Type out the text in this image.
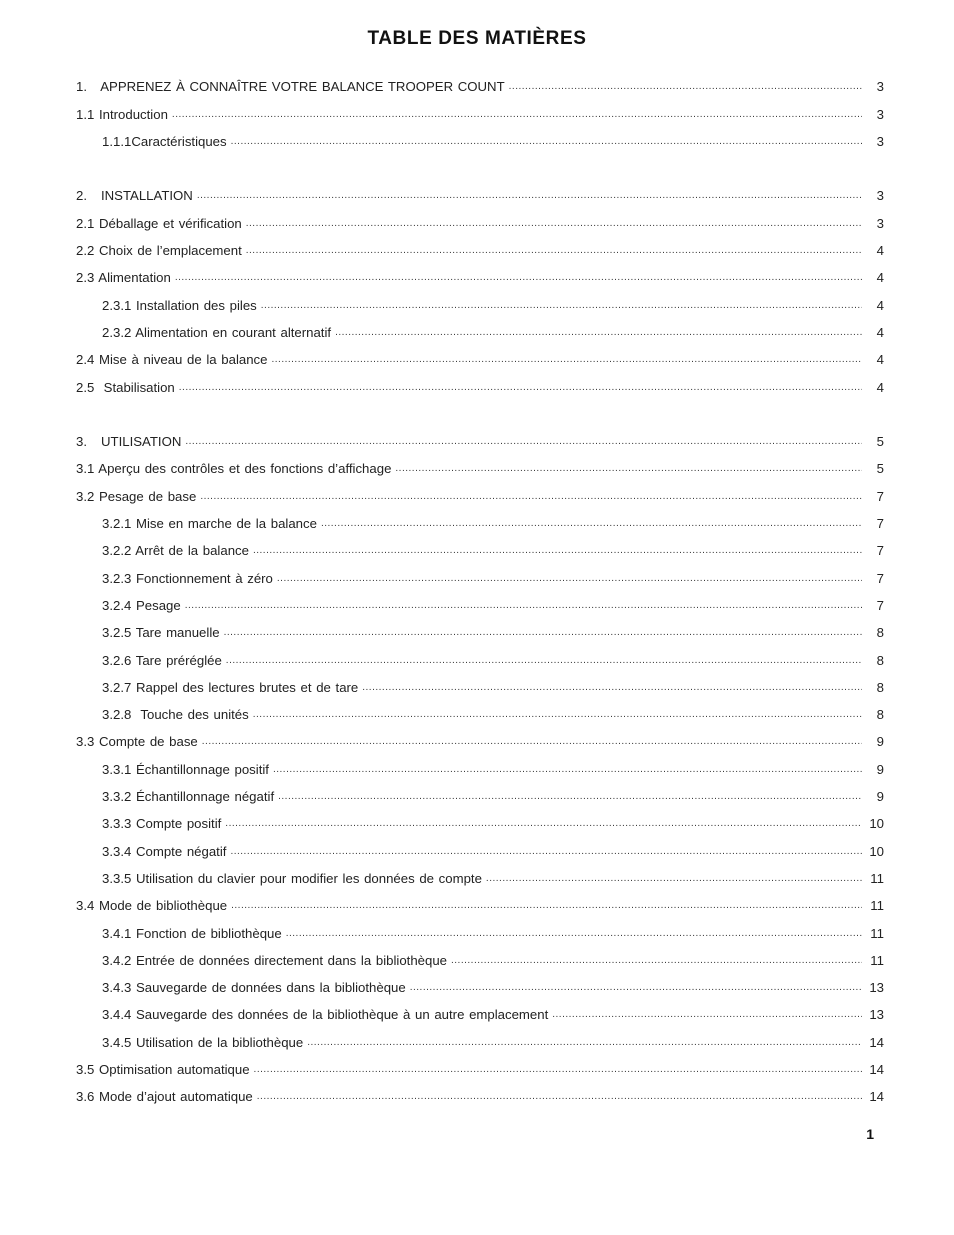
TABLE DES MATIÈRES
1.   APPRENEZ À CONNAÎTRE VOTRE BALANCE TROOPER COUNT .....	3
1.1 Introduction .....	3
1.1.1Caractéristiques .....	3
2.   INSTALLATION .....	3
2.1 Déballage et vérification .....	3
2.2 Choix de l’emplacement .....	4
2.3 Alimentation .....	4
2.3.1 Installation des piles .....	4
2.3.2 Alimentation en courant alternatif .....	4
2.4 Mise à niveau de la balance .....	4
2.5  Stabilisation .....	4
3.   UTILISATION .....	5
3.1 Aperçu des contrôles et des fonctions d’affichage .....	5
3.2 Pesage de base .....	7
3.2.1 Mise en marche de la balance .....	7
3.2.2 Arrêt de la balance .....	7
3.2.3 Fonctionnement à zéro .....	7
3.2.4 Pesage .....	7
3.2.5 Tare manuelle .....	8
3.2.6 Tare préréglée .....	8
3.2.7 Rappel des lectures brutes et de tare .....	8
3.2.8  Touche des unités .....	8
3.3 Compte de base .....	9
3.3.1 Échantillonnage positif .....	9
3.3.2 Échantillonnage négatif .....	9
3.3.3 Compte positif .....	10
3.3.4 Compte négatif .....	10
3.3.5 Utilisation du clavier pour modifier les données de compte .....	11
3.4 Mode de bibliothèque .....	11
3.4.1 Fonction de bibliothèque .....	11
3.4.2 Entrée de données directement dans la bibliothèque .....	11
3.4.3 Sauvegarde de données dans la bibliothèque .....	13
3.4.4 Sauvegarde des données de la bibliothèque à un autre emplacement .....	13
3.4.5 Utilisation de la bibliothèque .....	14
3.5 Optimisation automatique .....	14
3.6 Mode d’ajout automatique .....	14
1
